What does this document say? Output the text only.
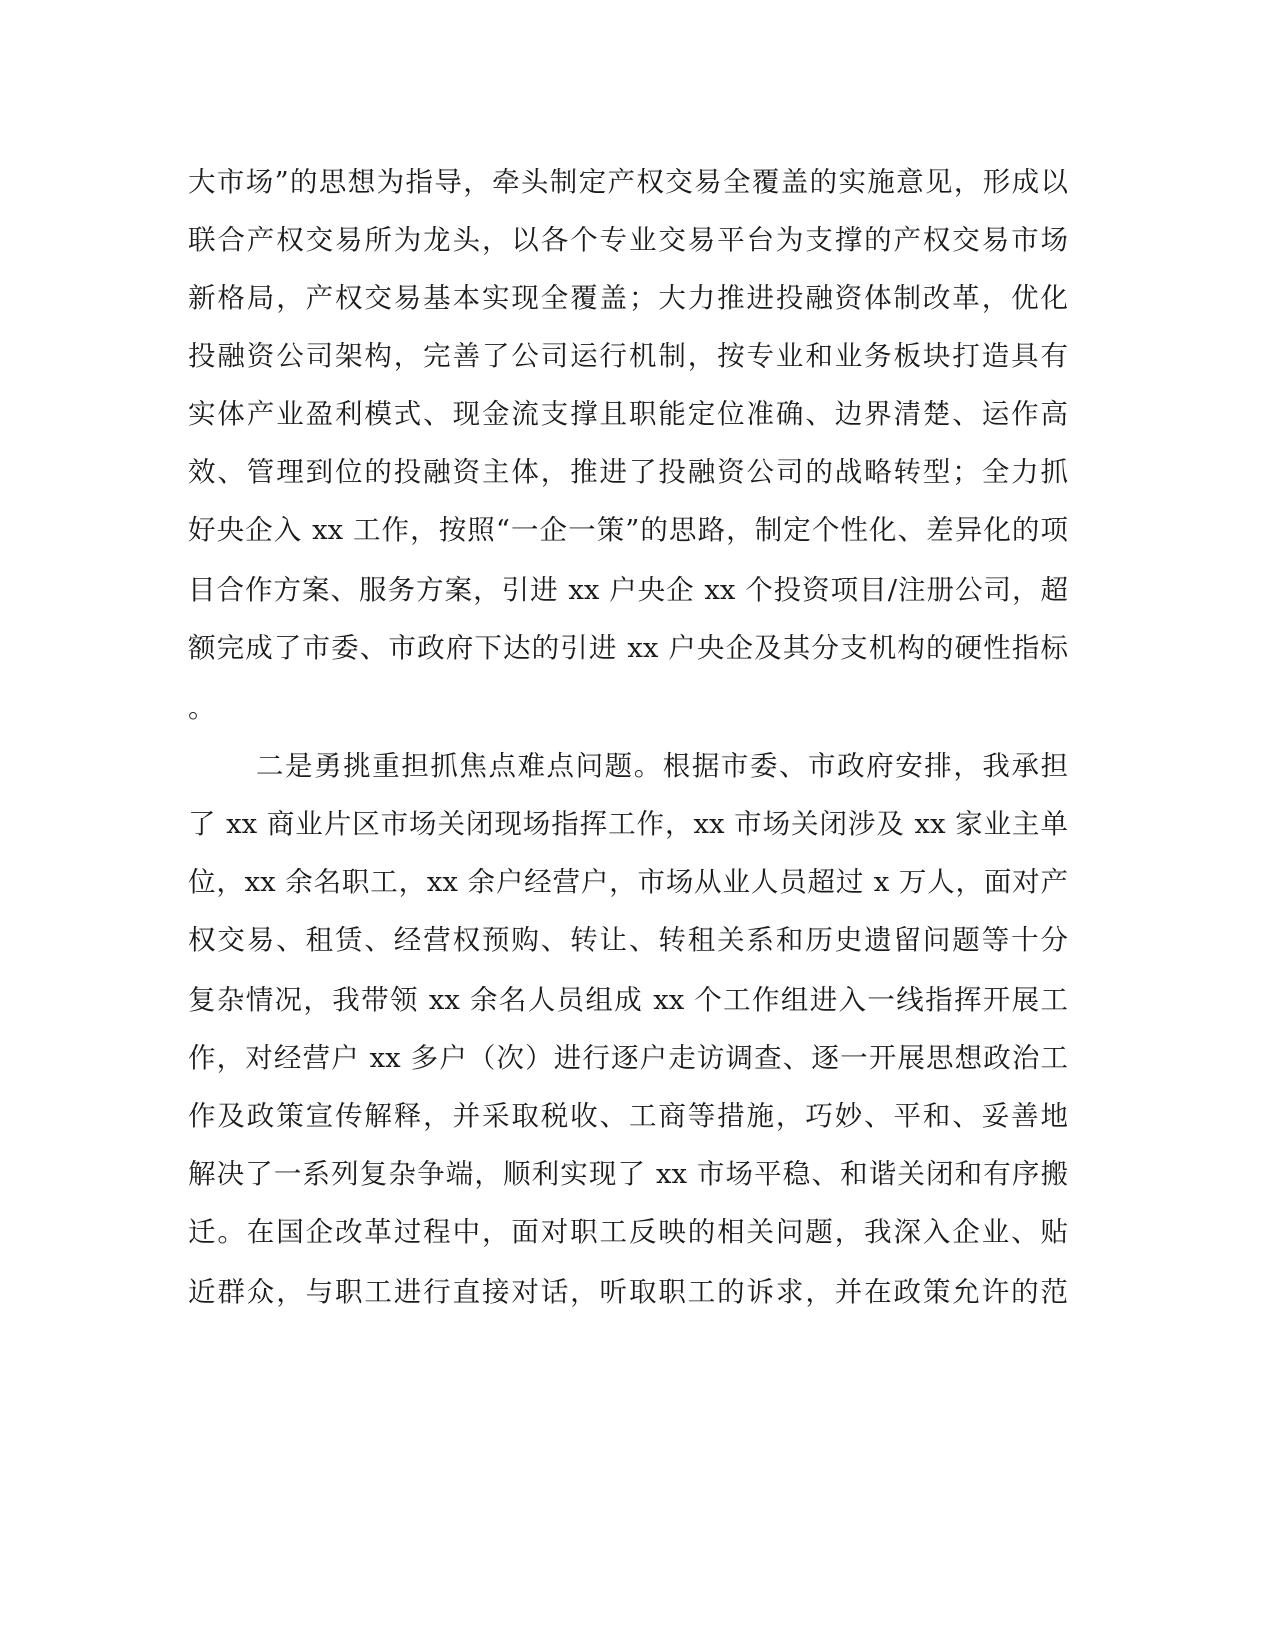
大市场”的思想为指导，牵头制定产权交易全覆盖的实施意见，形成以
联合产权交易所为龙头，以各个专业交易平台为支撑的产权交易市场
新格局，产权交易基本实现全覆盖；大力推进投融资体制改革，优化
投融资公司架构，完善了公司运行机制，按专业和业务板块打造具有
实体产业盈利模式、现金流支撑且职能定位准确、边界清楚、运作高
效、管理到位的投融资主体，推进了投融资公司的战略转型；全力抓
好央企入 xx 工作，按照“一企一策”的思路，制定个性化、差异化的项
目合作方案、服务方案，引进 xx 户央企 xx 个投资项目/注册公司，超
额完成了市委、市政府下达的引进 xx 户央企及其分支机构的硬性指标
。
二是勇挑重担抓焦点难点问题。根据市委、市政府安排，我承担
了 xx 商业片区市场关闭现场指挥工作，xx 市场关闭涉及 xx 家业主单
位，xx 余名职工，xx 余户经营户，市场从业人员超过 x 万人，面对产
权交易、租赁、经营权预购、转让、转租关系和历史遗留问题等十分
复杂情况，我带领 xx 余名人员组成 xx 个工作组进入一线指挥开展工
作，对经营户 xx 多户（次）进行逐户走访调查、逐一开展思想政治工
作及政策宣传解释，并采取税收、工商等措施，巧妙、平和、妥善地
解决了一系列复杂争端，顺利实现了 xx 市场平稳、和谐关闭和有序搬
迁。在国企改革过程中，面对职工反映的相关问题，我深入企业、贴
近群众，与职工进行直接对话，听取职工的诉求，并在政策允许的范
